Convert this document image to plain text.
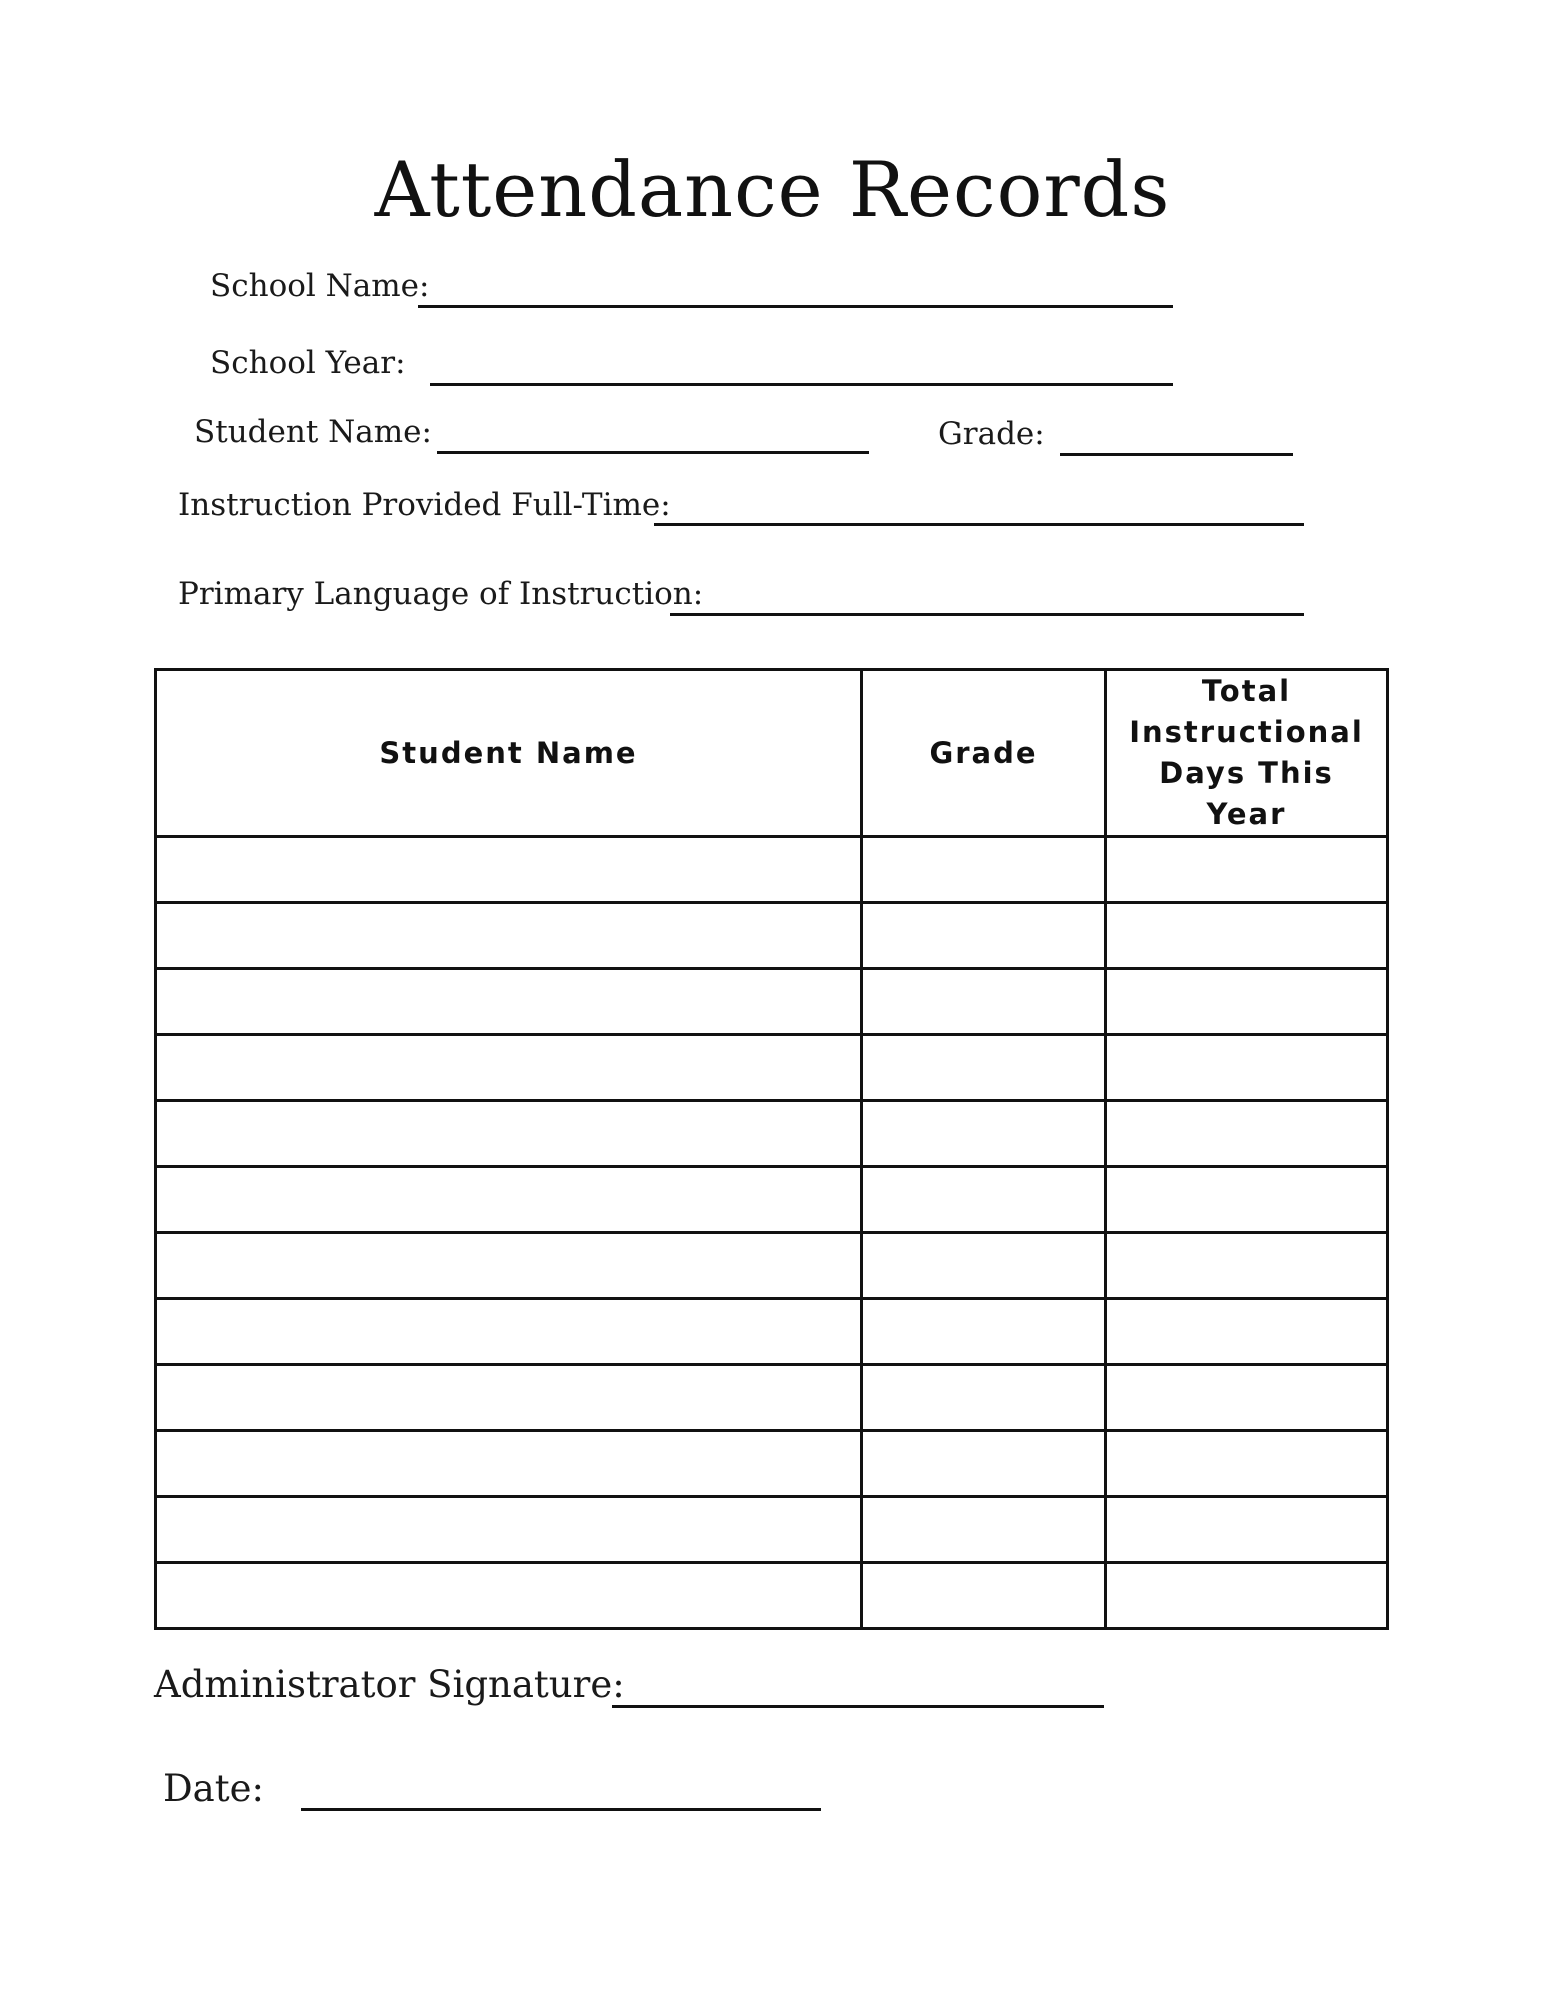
Attendance Records
School Name:
School Year:
Student Name:	Grade:
Instruction Provided Full-Time:
Primary Language of Instruction:
Student Name	Grade	Total Instructional Days This Year

Administrator Signature:
Date:
